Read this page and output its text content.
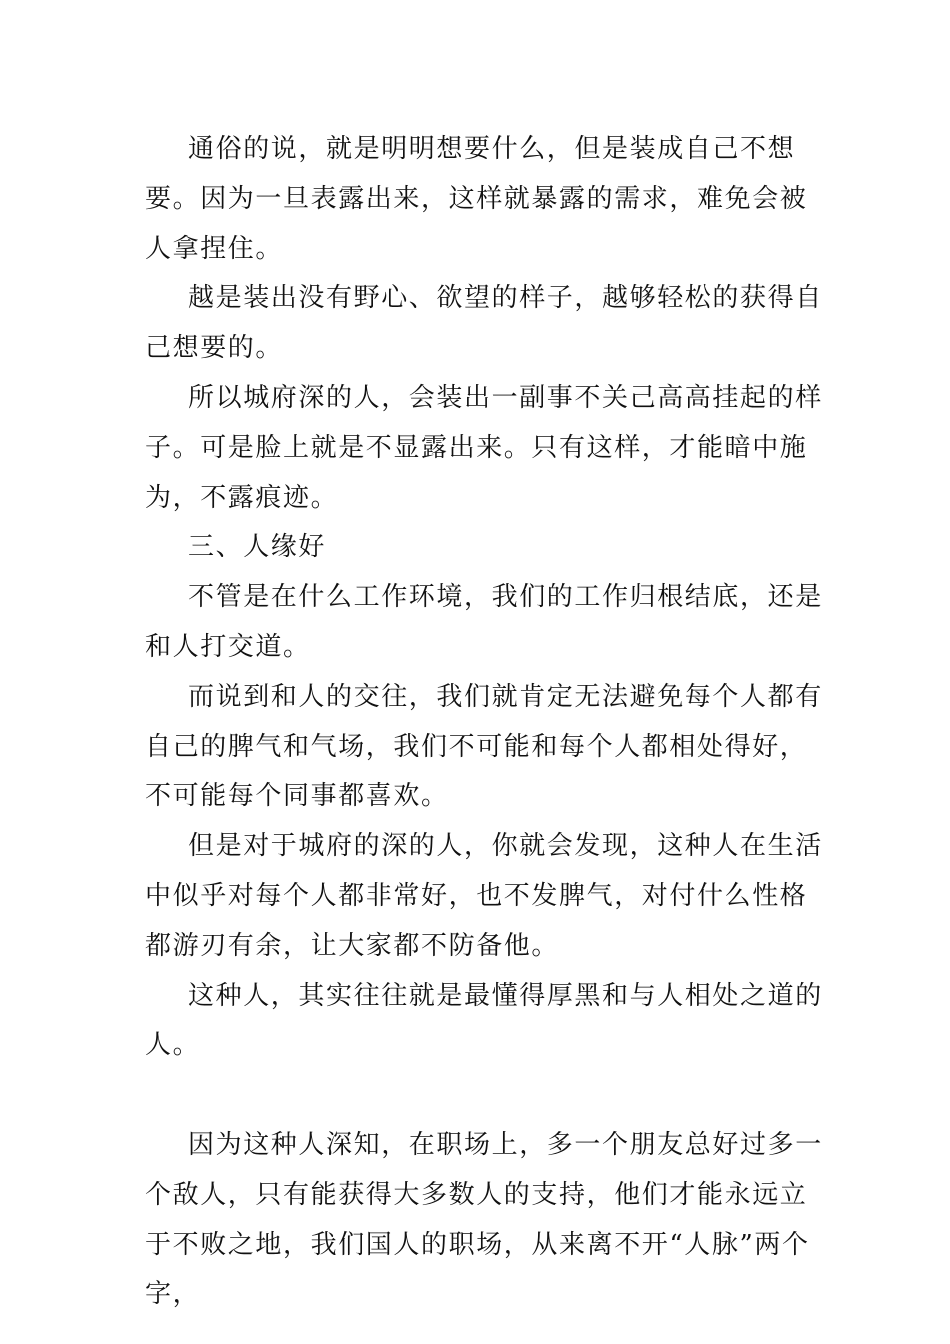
通俗的说，就是明明想要什么，但是装成自己不想要。因为一旦表露出来，这样就暴露的需求，难免会被人拿捏住。

越是装出没有野心、欲望的样子，越够轻松的获得自己想要的。

所以城府深的人，会装出一副事不关己高高挂起的样子。可是脸上就是不显露出来。只有这样，才能暗中施为，不露痕迹。

三、人缘好

不管是在什么工作环境，我们的工作归根结底，还是和人打交道。

而说到和人的交往，我们就肯定无法避免每个人都有自己的脾气和气场，我们不可能和每个人都相处得好，不可能每个同事都喜欢。

但是对于城府的深的人，你就会发现，这种人在生活中似乎对每个人都非常好，也不发脾气，对付什么性格都游刃有余，让大家都不防备他。

这种人，其实往往就是最懂得厚黑和与人相处之道的人。

因为这种人深知，在职场上，多一个朋友总好过多一个敌人，只有能获得大多数人的支持，他们才能永远立于不败之地，我们国人的职场，从来离不开“人脉”两个字，
